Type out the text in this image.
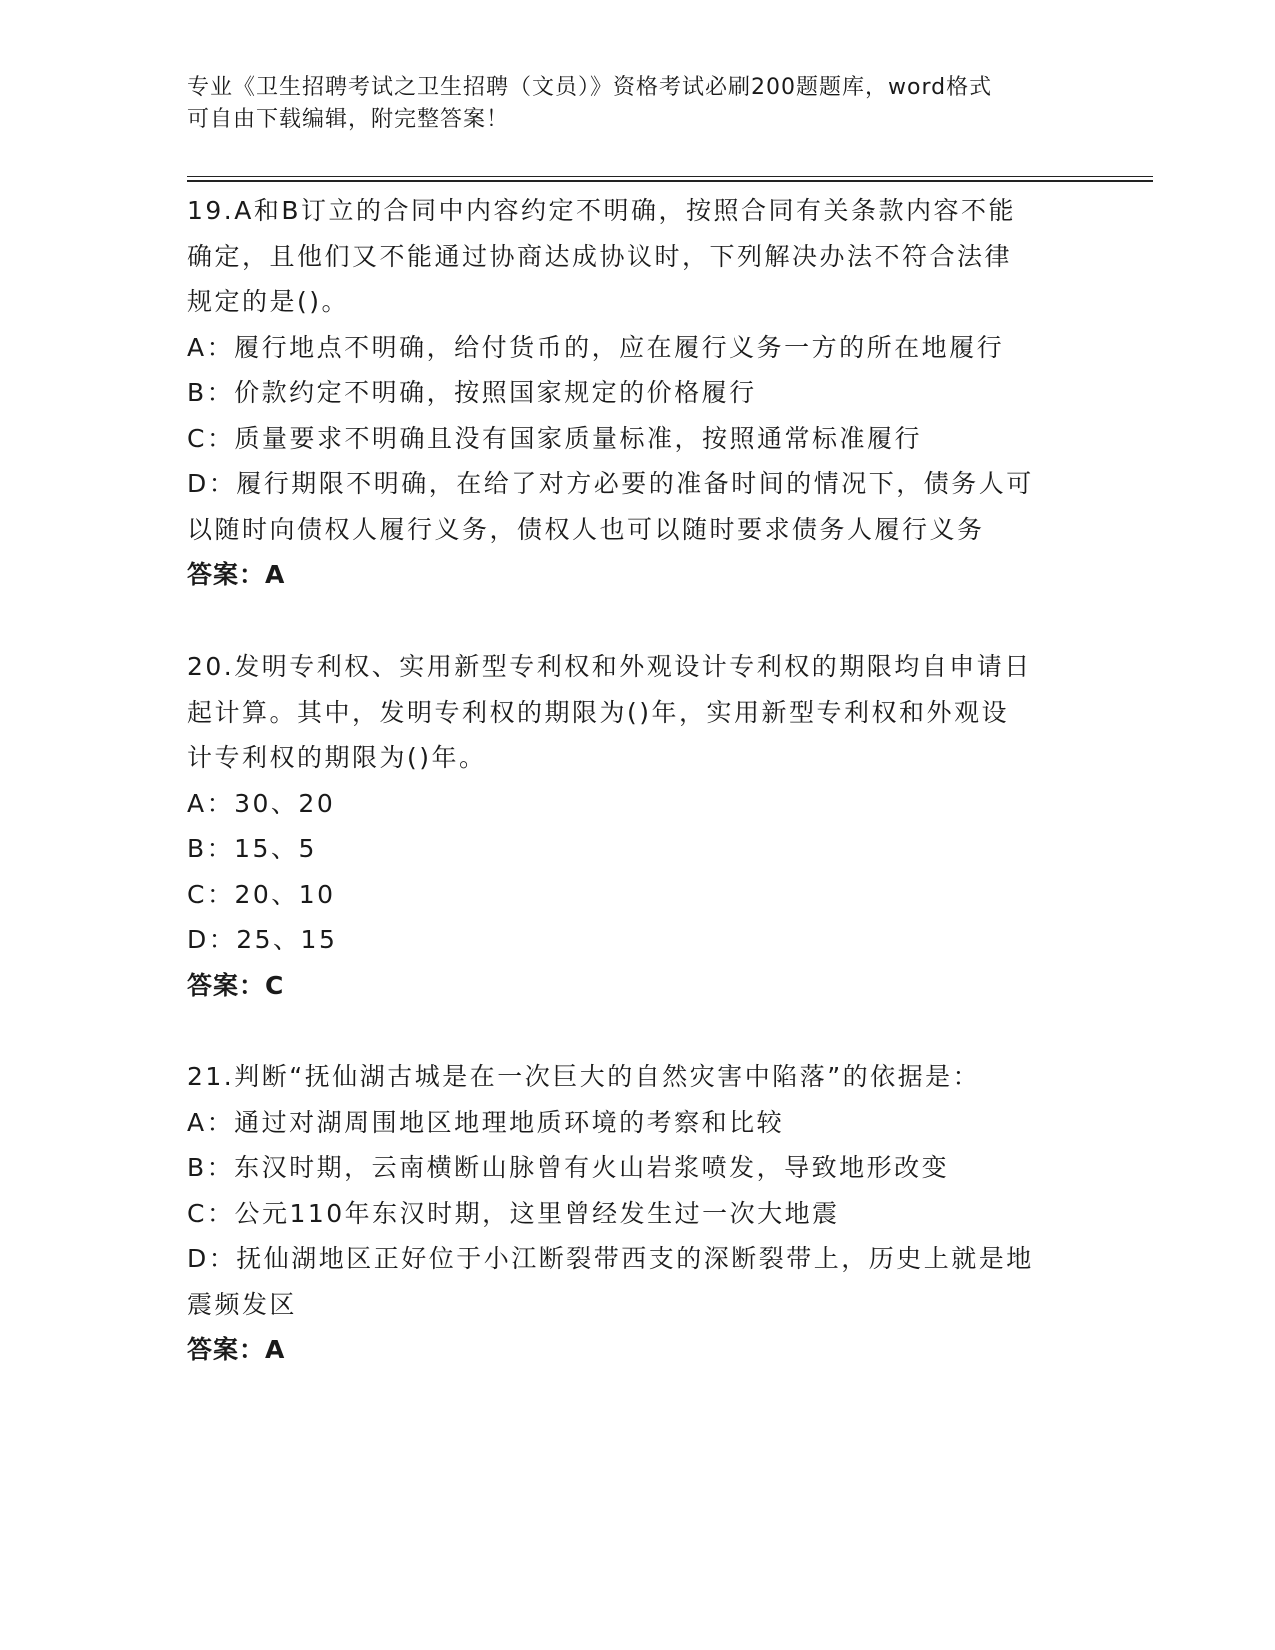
专业《卫生招聘考试之卫生招聘（文员）》资格考试必刷200题题库，word格式
可自由下载编辑，附完整答案！
19.A和B订立的合同中内容约定不明确，按照合同有关条款内容不能
确定，且他们又不能通过协商达成协议时，下列解决办法不符合法律
规定的是()。
A：履行地点不明确，给付货币的，应在履行义务一方的所在地履行
B：价款约定不明确，按照国家规定的价格履行
C：质量要求不明确且没有国家质量标准，按照通常标准履行
D：履行期限不明确，在给了对方必要的准备时间的情况下，债务人可
以随时向债权人履行义务，债权人也可以随时要求债务人履行义务
答案：A
20.发明专利权、实用新型专利权和外观设计专利权的期限均自申请日
起计算。其中，发明专利权的期限为()年，实用新型专利权和外观设
计专利权的期限为()年。
A：30、20
B：15、5
C：20、10
D：25、15
答案：C
21.判断“抚仙湖古城是在一次巨大的自然灾害中陷落”的依据是：
A：通过对湖周围地区地理地质环境的考察和比较
B：东汉时期，云南横断山脉曾有火山岩浆喷发，导致地形改变
C：公元110年东汉时期，这里曾经发生过一次大地震
D：抚仙湖地区正好位于小江断裂带西支的深断裂带上，历史上就是地
震频发区
答案：A
